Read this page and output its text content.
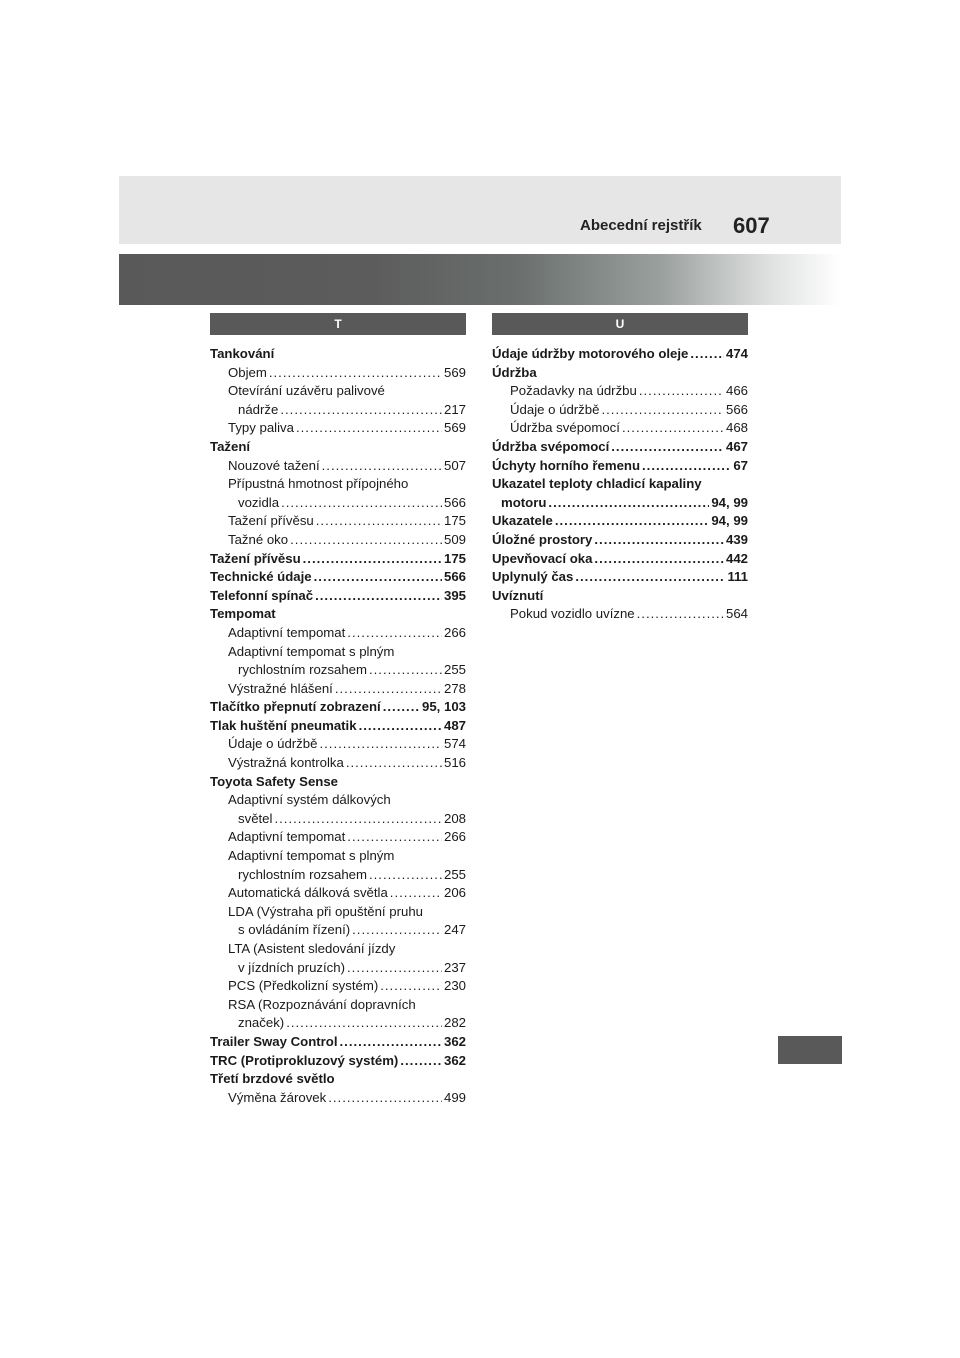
Abecední rejstřík 607
T
Tankování
Objem .....	569
Otevírání uzávěru palivové
nádrže .....	217
Typy paliva .....	569
Tažení
Nouzové tažení .....	507
Přípustná hmotnost přípojného
vozidla .....	566
Tažení přívěsu .....	175
Tažné oko .....	509
Tažení přívěsu .....	175
Technické údaje .....	566
Telefonní spínač .....	395
Tempomat
Adaptivní tempomat .....	266
Adaptivní tempomat s plným
rychlostním rozsahem .....	255
Výstražné hlášení .....	278
Tlačítko přepnutí zobrazení .....	95, 103
Tlak huštění pneumatik .....	487
Údaje o údržbě .....	574
Výstražná kontrolka .....	516
Toyota Safety Sense
Adaptivní systém dálkových
světel .....	208
Adaptivní tempomat .....	266
Adaptivní tempomat s plným
rychlostním rozsahem .....	255
Automatická dálková světla .....	206
LDA (Výstraha při opuštění pruhu
s ovládáním řízení) .....	247
LTA (Asistent sledování jízdy
v jízdních pruzích) .....	237
PCS (Předkolizní systém) .....	230
RSA (Rozpoznávání dopravních
značek) .....	282
Trailer Sway Control .....	362
TRC (Protiprokluzový systém) .....	362
Třetí brzdové světlo
Výměna žárovek .....	499
U
Údaje údržby motorového oleje .....	474
Údržba
Požadavky na údržbu .....	466
Údaje o údržbě .....	566
Údržba svépomocí .....	468
Údržba svépomocí .....	467
Úchyty horního řemenu .....	67
Ukazatel teploty chladicí kapaliny
motoru .....	94, 99
Ukazatele .....	94, 99
Úložné prostory .....	439
Upevňovací oka .....	442
Uplynulý čas .....	111
Uvíznutí
Pokud vozidlo uvízne .....	564
